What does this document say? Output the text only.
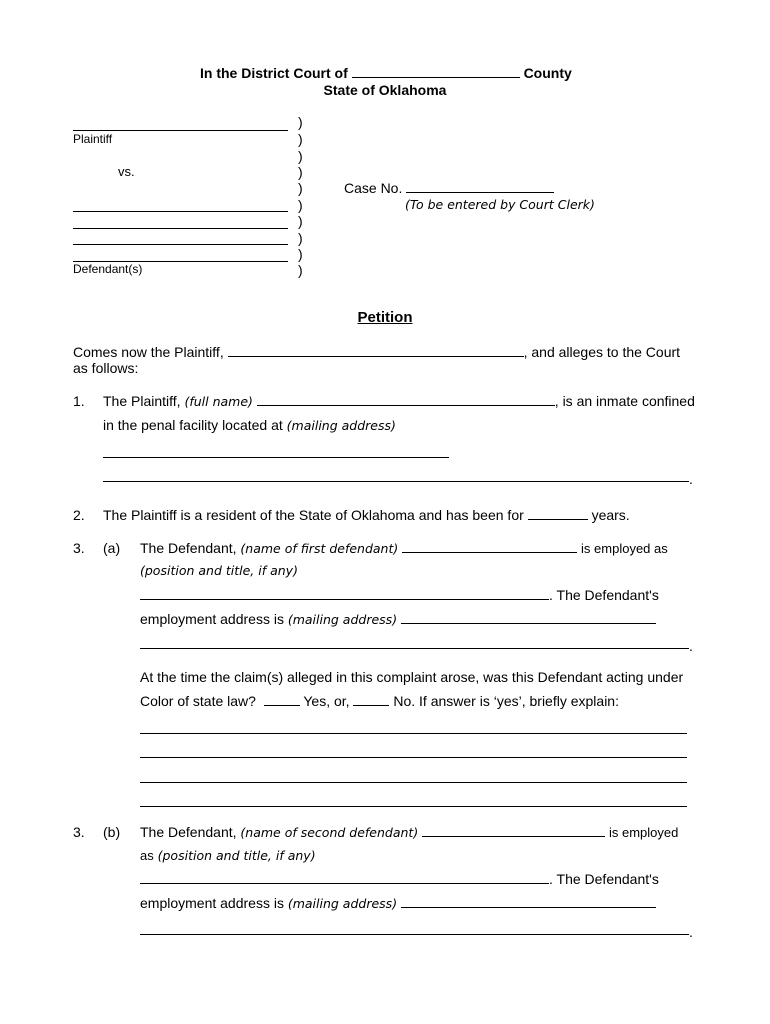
In the District Court of	County
State of Oklahoma
Plaintiff
vs.
Defendant(s)
)
)
)
)
)
)
)
)
)
)
Case No.
(To be entered by Court Clerk)
Petition
Comes now the Plaintiff,	, and alleges to the Court
as follows:
1. The Plaintiff, (full name)	, is an inmate confined
in the penal facility located at (mailing address)
.
2. The Plaintiff is a resident of the State of Oklahoma and has been for	years.
3. (a) The Defendant, (name of first defendant)	is employed as
(position and title, if any)
. The Defendant's
employment address is (mailing address)
.
At the time the claim(s) alleged in this complaint arose, was this Defendant acting under
Color of state law?	Yes, or,	No. If answer is ‘yes’, briefly explain:
3. (b) The Defendant, (name of second defendant)	is employed
as (position and title, if any)
. The Defendant's
employment address is (mailing address)
.
